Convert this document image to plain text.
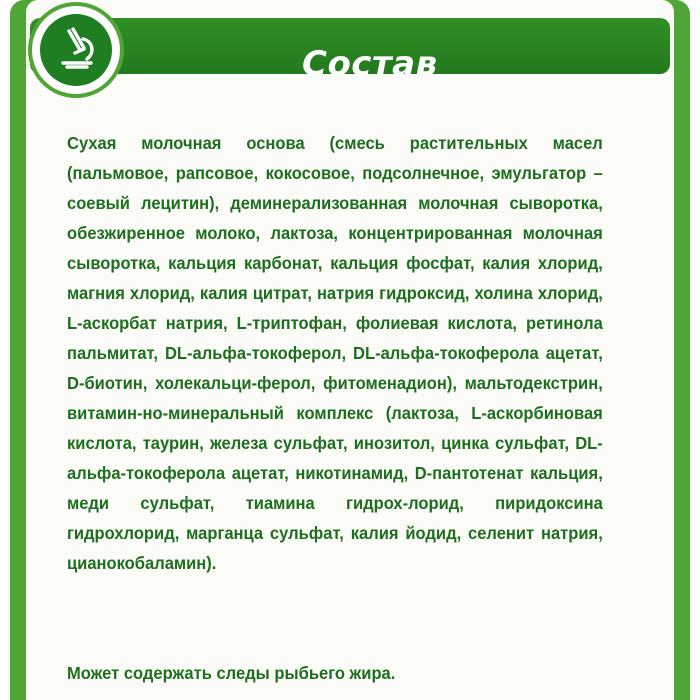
Состав

Сухая молочная основа (смесь растительных масел (пальмовое, рапсовое, кокосовое, подсолнечное, эмульгатор – соевый лецитин), деминерализованная молочная сыворотка, обезжиренное молоко, лактоза, концентрированная молочная сыворотка, кальция карбонат, кальция фосфат, калия хлорид, магния хлорид, калия цитрат, натрия гидроксид, холина хлорид, L-аскорбат натрия, L-триптофан, фолиевая кислота, ретинола пальмитат, DL-альфа-токоферол, DL-альфа-токоферола ацетат, D-биотин, холекальци-ферол, фитоменадион), мальтодекстрин, витамин-но-минеральный комплекс (лактоза, L-аскорбиновая кислота, таурин, железа сульфат, инозитол, цинка сульфат, DL-альфа-токоферола ацетат, никотинамид, D-пантотенат кальция, меди сульфат, тиамина гидрох-лорид, пиридоксина гидрохлорид, марганца сульфат, калия йодид, селенит натрия, цианокобаламин).

Может содержать следы рыбьего жира.
